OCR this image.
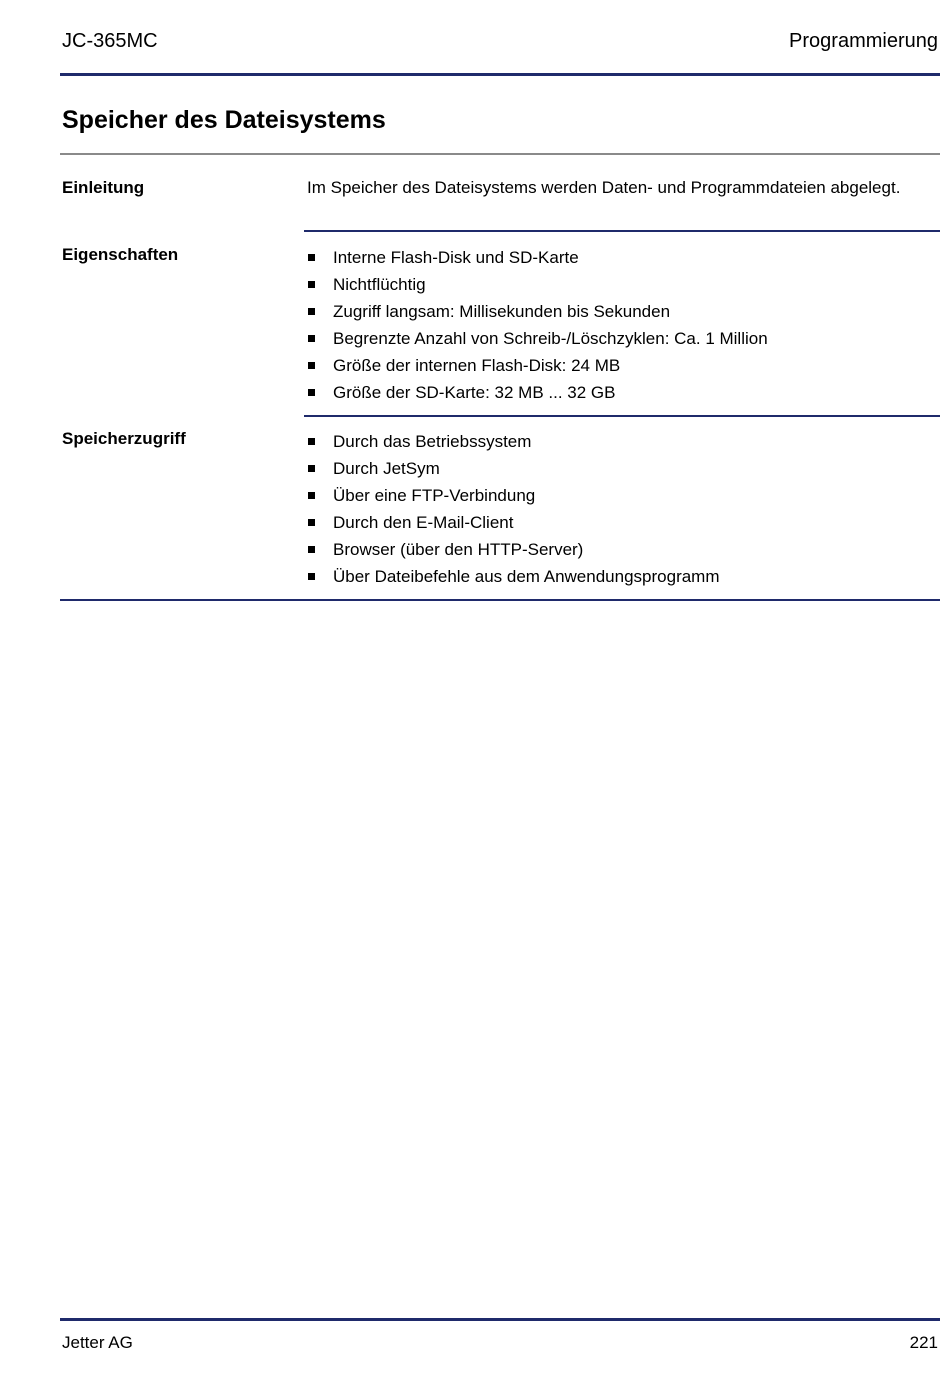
JC-365MC	Programmierung
Speicher des Dateisystems
Einleitung	Im Speicher des Dateisystems werden Daten- und Programmdateien abgelegt.
Eigenschaften	Interne Flash-Disk und SD-Karte
Nichtflüchtig
Zugriff langsam: Millisekunden bis Sekunden
Begrenzte Anzahl von Schreib-/Löschzyklen: Ca. 1 Million
Größe der internen Flash-Disk: 24 MB
Größe der SD-Karte: 32 MB ... 32 GB
Speicherzugriff	Durch das Betriebssystem
Durch JetSym
Über eine FTP-Verbindung
Durch den E-Mail-Client
Browser (über den HTTP-Server)
Über Dateibefehle aus dem Anwendungsprogramm
Jetter AG	221
